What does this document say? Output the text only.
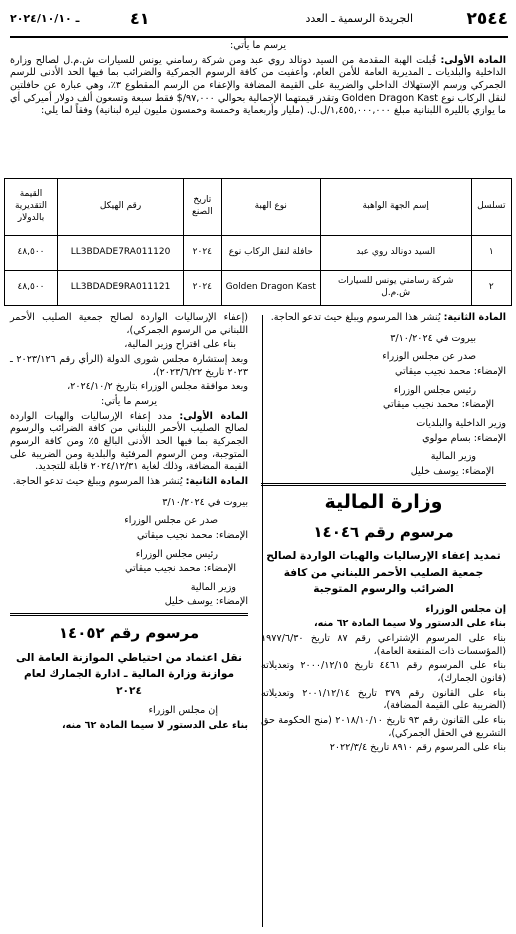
٢٥٤٤
الجريدة الرسمية ـ العدد
٤١
ـ ٢٠٢٤/١٠/١٠

يرسم ما يأتي:

المادة الأولى: قُبلت الهبة المقدمة من السيد دونالد روي عبد ومن شركة رسامني يونس للسيارات ش.م.ل لصالح وزارة الداخلية والبلديات ـ المديرية العامة للأمن العام، وأعفيت من كافة الرسوم الجمركية والضرائب بما فيها الحد الأدنى للرسم الجمركي ورسم الإستهلاك الداخلي والضريبة على القيمة المضافة والإعفاء من الرسم المقطوع ٣٪، وهي عبارة عن حافلتين لنقل الركاب نوع Golden Dragon Kast وتقدر قيمتهما الإجمالية بحوالي ٩٧,٠٠٠/$ فقط سبعة وتسعون ألف دولار أميركي أي ما يوازي بالليرة اللبنانية مبلغ ١,٤٥٥,٠٠٠,٠٠٠/ل.ل. (مليار وأربعماية وخمسة وخمسون مليون ليرة لبنانية) وفقاً لما يلي:

تسلسل	إسم الجهة الواهبة	نوع الهبة	تاريخ الصنع	رقم الهيكل	القيمة التقديرية بالدولار
١	السيد دونالد روي عبد	حافلة لنقل الركاب نوع	٢٠٢٤	LL3BDADE7RA011120	٤٨,٥٠٠
٢	شركة رسامني يونس للسيارات ش.م.ل	Golden Dragon Kast	٢٠٢٤	LL3BDADE9RA011121	٤٨,٥٠٠

المادة الثانية: يُنشر هذا المرسوم ويبلغ حيث تدعو الحاجة.

بيروت في ٣/١٠/٢٠٢٤

صدر عن مجلس الوزراء

الإمضاء: محمد نجيب ميقاتي

رئيس مجلس الوزراء

الإمضاء: محمد نجيب ميقاتي

وزير الداخلية والبلديات

الإمضاء: بسام مولوي

وزير المالية

الإمضاء: يوسف خليل

وزارة المالية

مرسوم رقم ١٤٠٤٦

تمديد إعفاء الإرساليات والهبات الواردة لصالح جمعية الصليب الأحمر اللبناني من كافة الضرائب والرسوم المتوجبة

إن مجلس الوزراء

بناء على الدستور ولا سيما المادة ٦٢ منه،

بناء على المرسوم الإشتراعي رقم ٨٧ تاريخ ١٩٧٧/٦/٣٠ (المؤسسات ذات المنفعة العامة)،

بناء على المرسوم رقم ٤٤٦١ تاريخ ٢٠٠٠/١٢/١٥ وتعديلاته (قانون الجمارك)،

بناء على القانون رقم ٣٧٩ تاريخ ٢٠٠١/١٢/١٤ وتعديلاته (الضريبة على القيمة المضافة)،

بناء على القانون رقم ٩٣ تاريخ ٢٠١٨/١٠/١٠ (منح الحكومة حق التشريع في الحقل الجمركي)،

بناء على المرسوم رقم ٨٩١٠ تاريخ ٢٠٢٢/٣/٤

(إعفاء الإرساليات الواردة لصالح جمعية الصليب الأحمر اللبناني من الرسوم الجمركي)،

بناء على اقتراح وزير المالية،

وبعد إستشارة مجلس شورى الدولة (الرأي رقم ٢٠٢٣/١٢٦ ـ ٢٠٢٣ تاريخ ٢٠٢٣/٦/٢٢)،

وبعد موافقة مجلس الوزراء بتاريخ ٢٠٢٤/١٠/٢،

يرسم ما يأتي:

المادة الأولى: مدد إعفاء الإرساليات والهبات الواردة لصالح الصليب الأحمر اللبناني من كافة الضرائب والرسوم الجمركية بما فيها الحد الأدنى البالغ ٥٪ ومن كافة الرسوم المتوجبة، ومن الرسوم المرفئية والبلدية ومن الضريبة على القيمة المضافة، وذلك لغاية ٢٠٢٤/١٢/٣١ قابلة للتجديد.

المادة الثانية: يُنشر هذا المرسوم ويبلغ حيث تدعو الحاجة.

بيروت في ٣/١٠/٢٠٢٤

صدر عن مجلس الوزراء

الإمضاء: محمد نجيب ميقاتي

رئيس مجلس الوزراء

الإمضاء: محمد نجيب ميقاتي

وزير المالية

الإمضاء: يوسف خليل

مرسوم رقم ١٤٠٥٢

نقل اعتماد من احتياطي الموازنة العامة الى موازنة وزارة المالية ـ ادارة الجمارك لعام ٢٠٢٤

إن مجلس الوزراء

بناء على الدستور لا سيما المادة ٦٢ منه،
